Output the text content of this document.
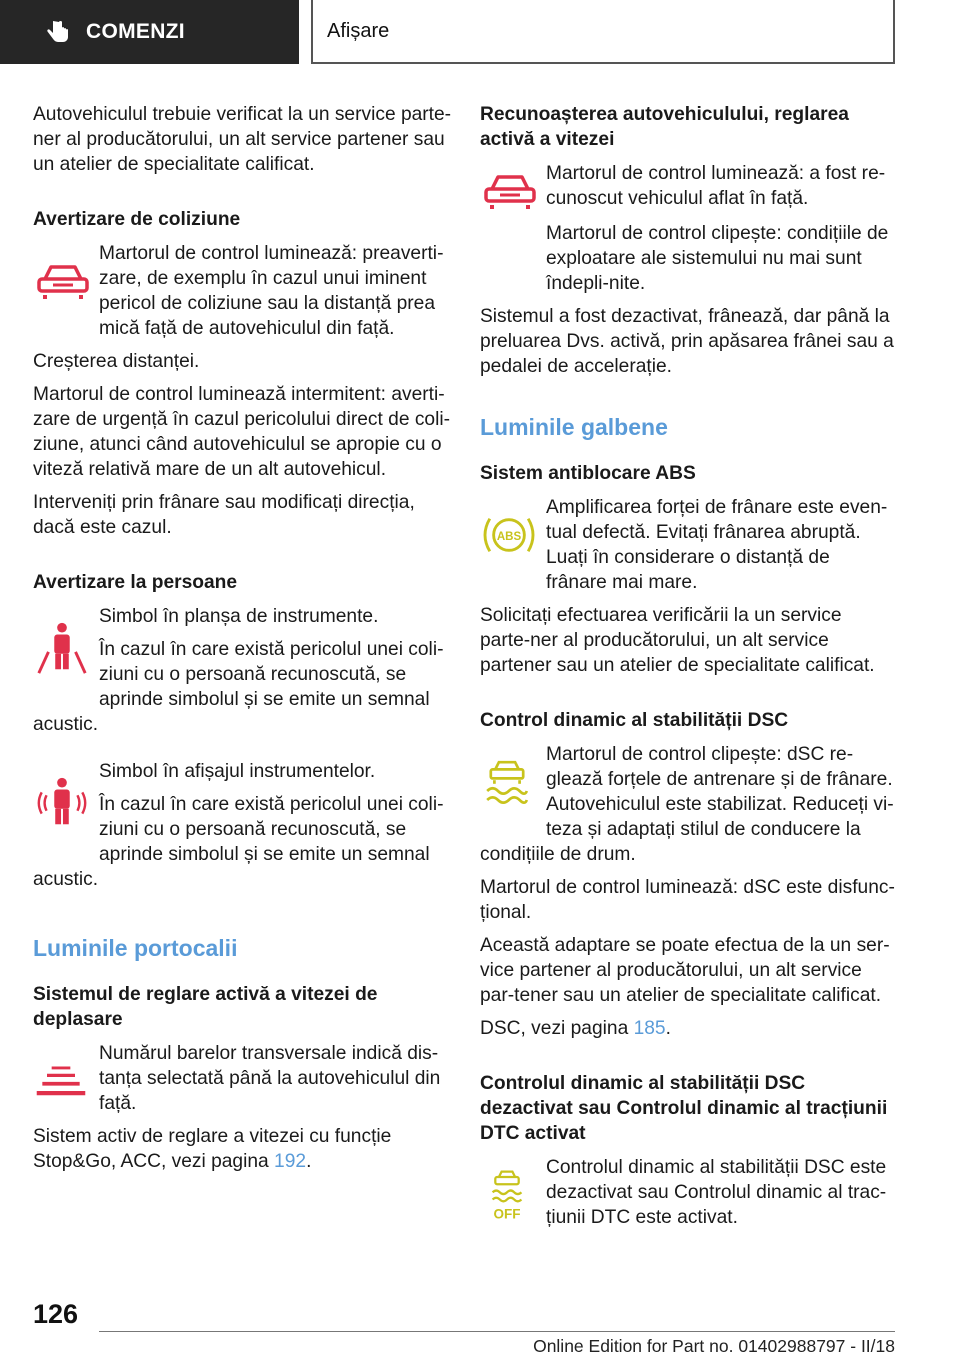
COMENZI	Afișare

Autovehiculul trebuie verificat la un service parte-ner al producătorului, un alt service partener sau un atelier de specialitate calificat.

Avertizare de coliziune

Martorul de control luminează: preaverti-zare, de exemplu în cazul unui iminent pericol de coliziune sau la distanță prea mică față de autovehiculul din față.

Creșterea distanței.

Martorul de control luminează intermitent: averti-zare de urgență în cazul pericolului direct de coli-ziune, atunci când autovehiculul se apropie cu o viteză relativă mare de un alt autovehicul.

Interveniți prin frânare sau modificați direcția, dacă este cazul.

Avertizare la persoane

Simbol în planșa de instrumente.

În cazul în care există pericolul unei coli-ziuni cu o persoană recunoscută, se aprinde simbolul și se emite un semnal acustic.

Simbol în afișajul instrumentelor.

În cazul în care există pericolul unei coli-ziuni cu o persoană recunoscută, se aprinde simbolul și se emite un semnal acustic.

Luminile portocalii
Sistemul de reglare activă a vitezei de deplasare

Numărul barelor transversale indică dis-tanța selectată până la autovehiculul din față.

Sistem activ de reglare a vitezei cu funcție Stop&Go, ACC, vezi pagina 192.

Recunoașterea autovehiculului, reglarea activă a vitezei

Martorul de control luminează: a fost re-cunoscut vehiculul aflat în față.

Martorul de control clipește: condițiile de exploatare ale sistemului nu mai sunt îndepli-nite.

Sistemul a fost dezactivat, frânează, dar până la preluarea Dvs. activă, prin apăsarea frânei sau a pedalei de accelerație.

Luminile galbene
Sistem antiblocare ABS
ABS

Amplificarea forței de frânare este even-tual defectă. Evitați frânarea abruptă. Luați în considerare o distanță de frânare mai mare.

Solicitați efectuarea verificării la un service parte-ner al producătorului, un alt service partener sau un atelier de specialitate calificat.

Control dinamic al stabilității DSC

Martorul de control clipește: dSC re-glează forțele de antrenare și de frânare. Autovehiculul este stabilizat. Reduceți vi-teza și adaptați stilul de conducere la condițiile de drum.

Martorul de control luminează: dSC este disfunc-țional.

Această adaptare se poate efectua de la un ser-vice partener al producătorului, un alt service par-tener sau un atelier de specialitate calificat.

DSC, vezi pagina 185.

Controlul dinamic al stabilității DSC dezactivat sau Controlul dinamic al tracțiunii DTC activat
OFF

Controlul dinamic al stabilității DSC este dezactivat sau Controlul dinamic al trac-țiunii DTC este activat.

126
Online Edition for Part no. 01402988797 - II/18
